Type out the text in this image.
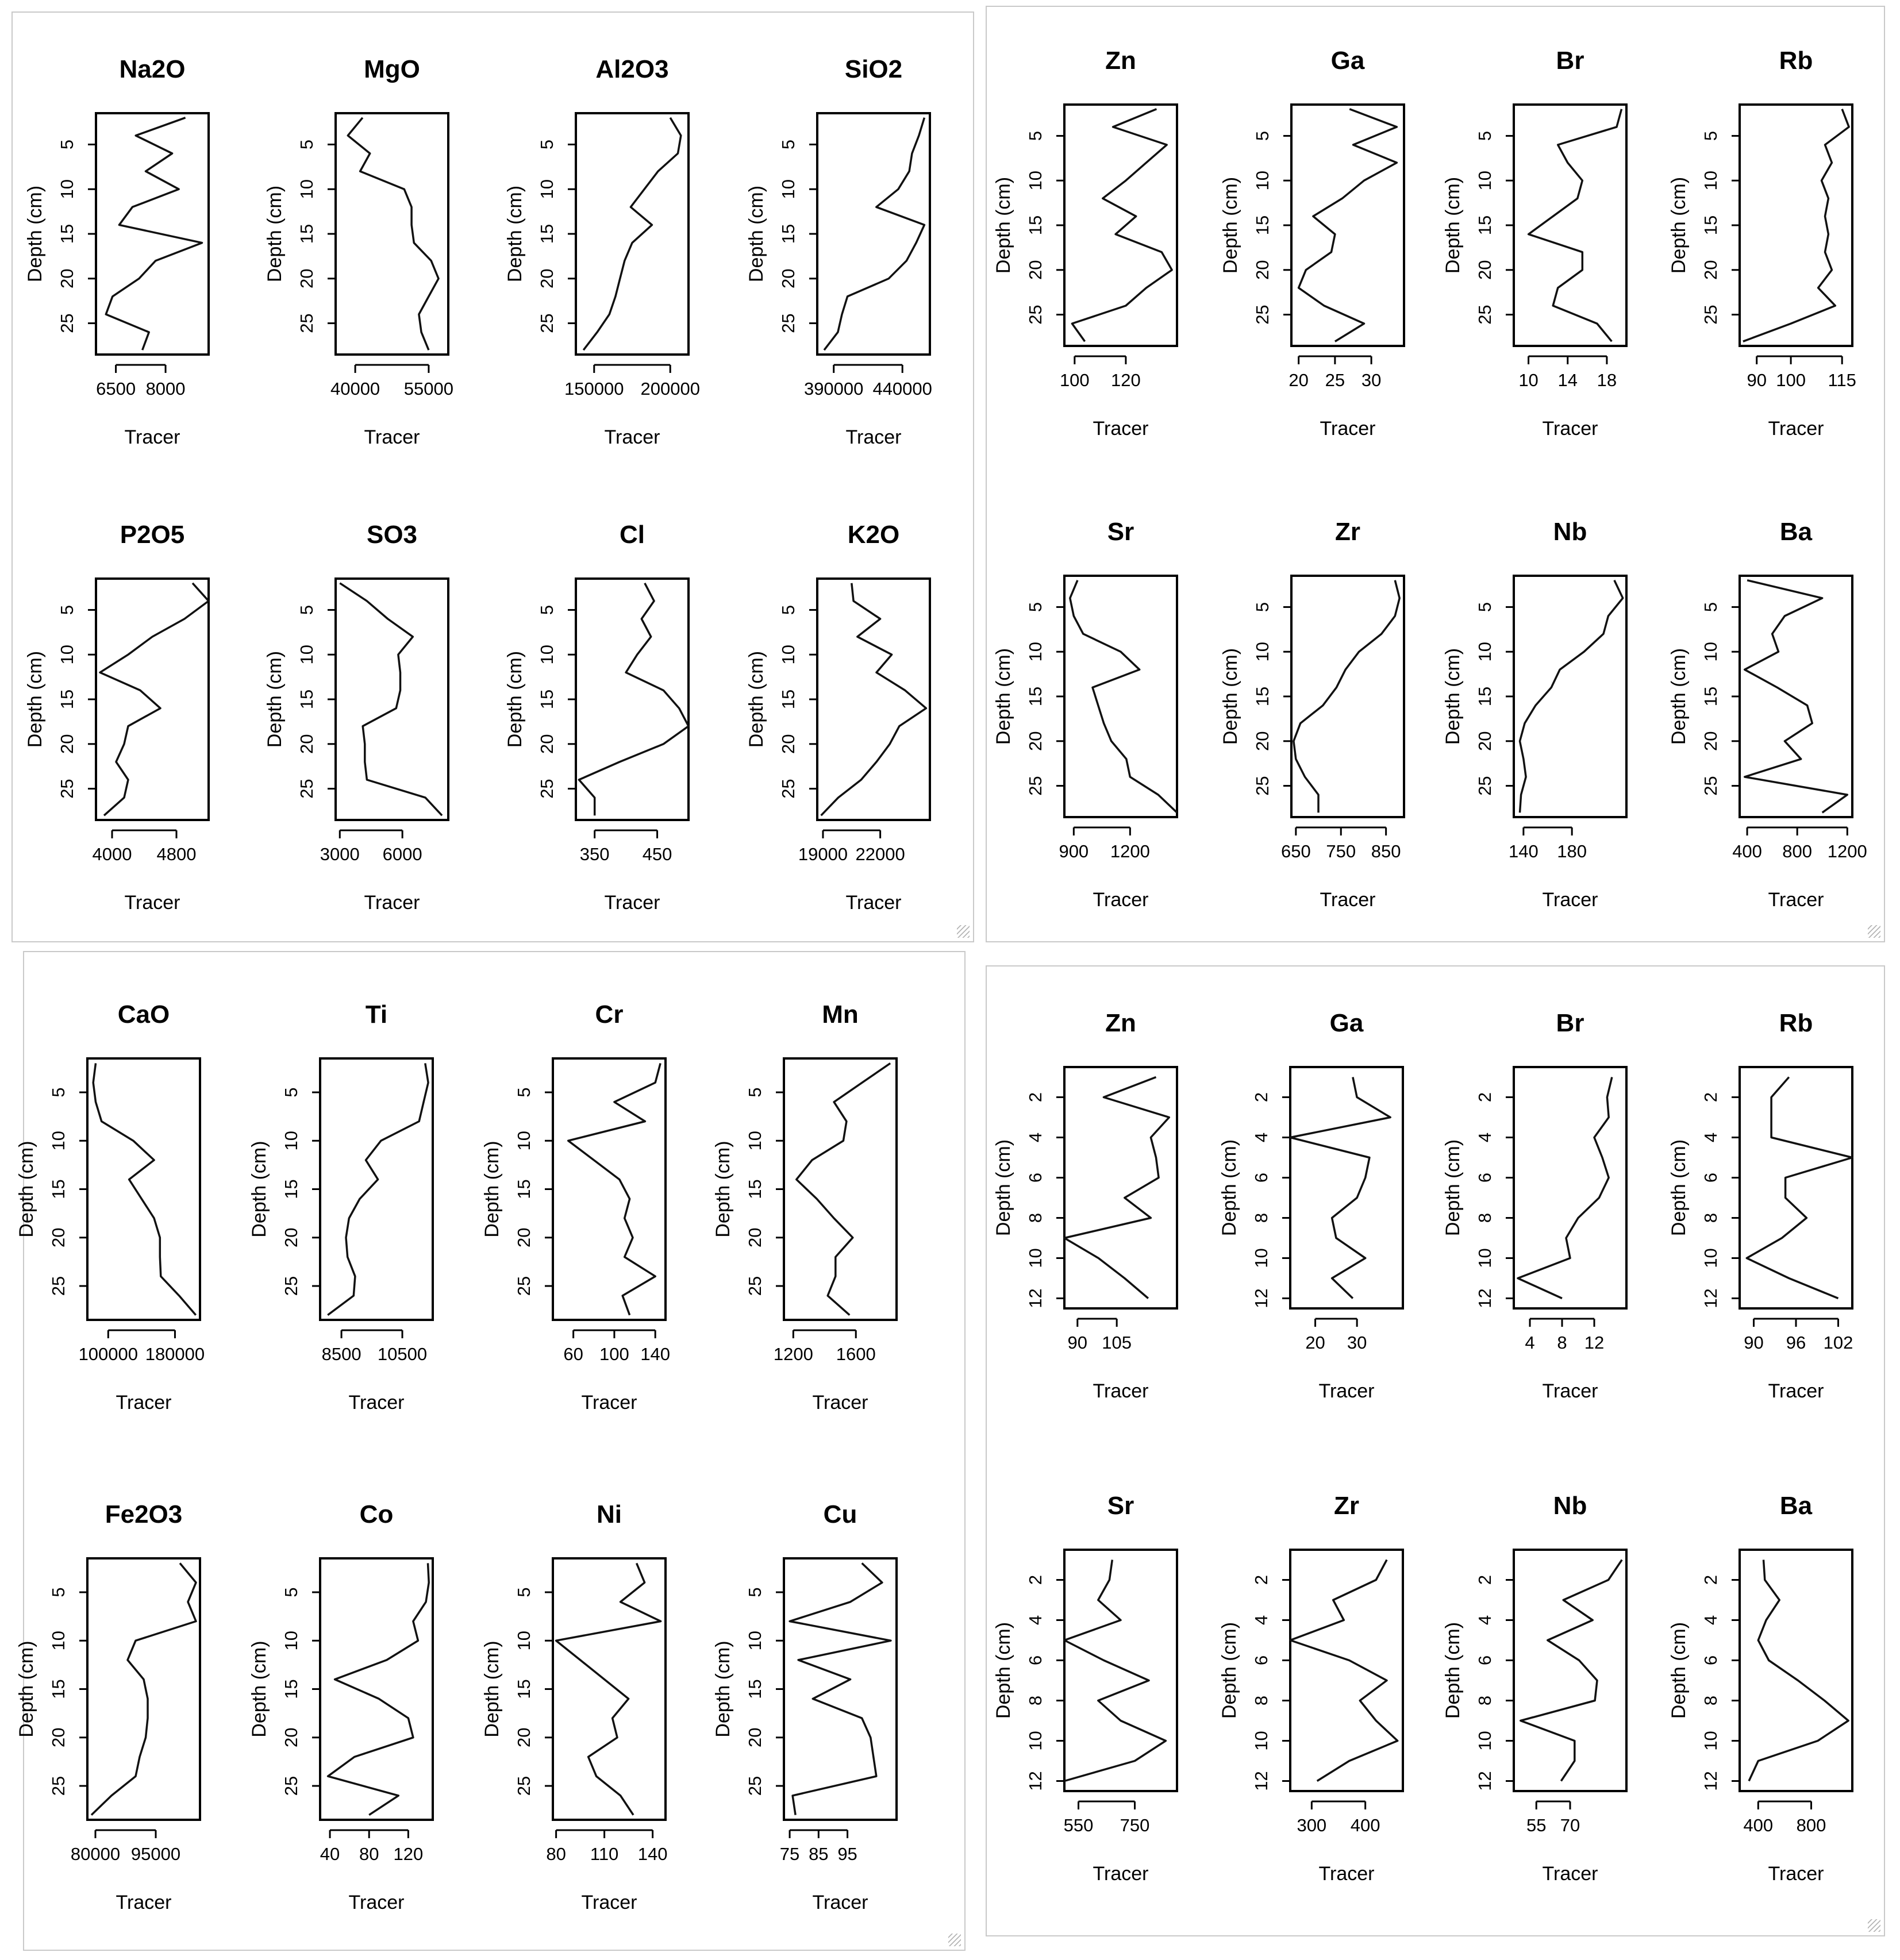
Na2O
5
10
15
20
25
Depth (cm)
6500 8000
Tracer
MgO
5
10
15
20
25
Depth (cm)
40000 55000
Tracer
Al2O3
5
10
15
20
25
Depth (cm)
150000 200000
Tracer
SiO2
5
10
15
20
25
Depth (cm)
390000 440000
Tracer
P2O5
5
10
15
20
25
Depth (cm)
4000 4800
Tracer
SO3
5
10
15
20
25
Depth (cm)
3000 6000
Tracer
Cl
5
10
15
20
25
Depth (cm)
350 450
Tracer
K2O
5
10
15
20
25
Depth (cm)
19000 22000
Tracer
Zn
5
10
15
20
25
Depth (cm)
100 120
Tracer
Ga
5
10
15
20
25
Depth (cm)
20 25 30
Tracer
Br
5
10
15
20
25
Depth (cm)
10 14 18
Tracer
Rb
5
10
15
20
25
Depth (cm)
90 100 115
Tracer
Sr
5
10
15
20
25
Depth (cm)
900 1200
Tracer
Zr
5
10
15
20
25
Depth (cm)
650 750 850
Tracer
Nb
5
10
15
20
25
Depth (cm)
140 180
Tracer
Ba
5
10
15
20
25
Depth (cm)
400 800 1200
Tracer
CaO
5
10
15
20
25
Depth (cm)
100000 180000
Tracer
Ti
5
10
15
20
25
Depth (cm)
8500 10500
Tracer
Cr
5
10
15
20
25
Depth (cm)
60 100 140
Tracer
Mn
5
10
15
20
25
Depth (cm)
1200 1600
Tracer
Fe2O3
5
10
15
20
25
Depth (cm)
80000 95000
Tracer
Co
5
10
15
20
25
Depth (cm)
40 80 120
Tracer
Ni
5
10
15
20
25
Depth (cm)
80 110 140
Tracer
Cu
5
10
15
20
25
Depth (cm)
75 85 95
Tracer
Zn
2
4
6
8
10
12
Depth (cm)
90 105
Tracer
Ga
2
4
6
8
10
12
Depth (cm)
20 30
Tracer
Br
2
4
6
8
10
12
Depth (cm)
4 8 12
Tracer
Rb
2
4
6
8
10
12
Depth (cm)
90 96 102
Tracer
Sr
2
4
6
8
10
12
Depth (cm)
550 750
Tracer
Zr
2
4
6
8
10
12
Depth (cm)
300 400
Tracer
Nb
2
4
6
8
10
12
Depth (cm)
55 70
Tracer
Ba
2
4
6
8
10
12
Depth (cm)
400 800
Tracer
